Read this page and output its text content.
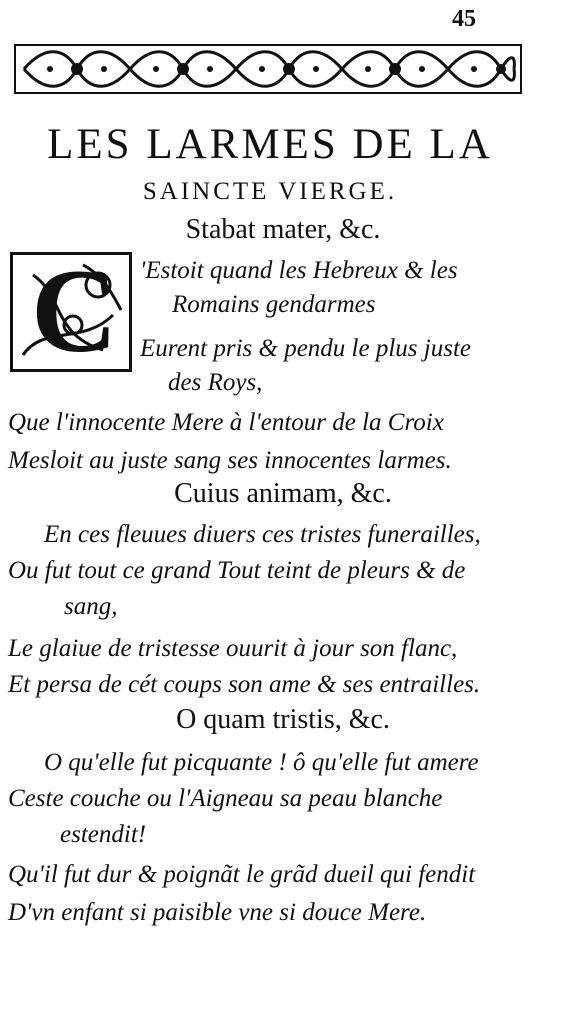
45
LES LARMES DE LA
SAINCTE VIERGE.
Stabat mater, &c.
C 'Estoit quand les Hebreux & les
Romains gendarmes
Eurent pris & pendu le plus juste
des Roys,
Que l'innocente Mere à l'entour de la Croix
Mesloit au juste sang ses innocentes larmes.
Cuius animam, &c.
En ces fleuues diuers ces tristes funerailles,
Ou fut tout ce grand Tout teint de pleurs & de
sang,
Le glaiue de tristesse ouurit à jour son flanc,
Et persa de cét coups son ame & ses entrailles.
O quam tristis, &c.
O qu'elle fut picquante ! ô qu'elle fut amere
Ceste couche ou l'Aigneau sa peau blanche
estendit!
Qu'il fut dur & poignãt le grãd dueil qui fendit
D'vn enfant si paisible vne si douce Mere.
